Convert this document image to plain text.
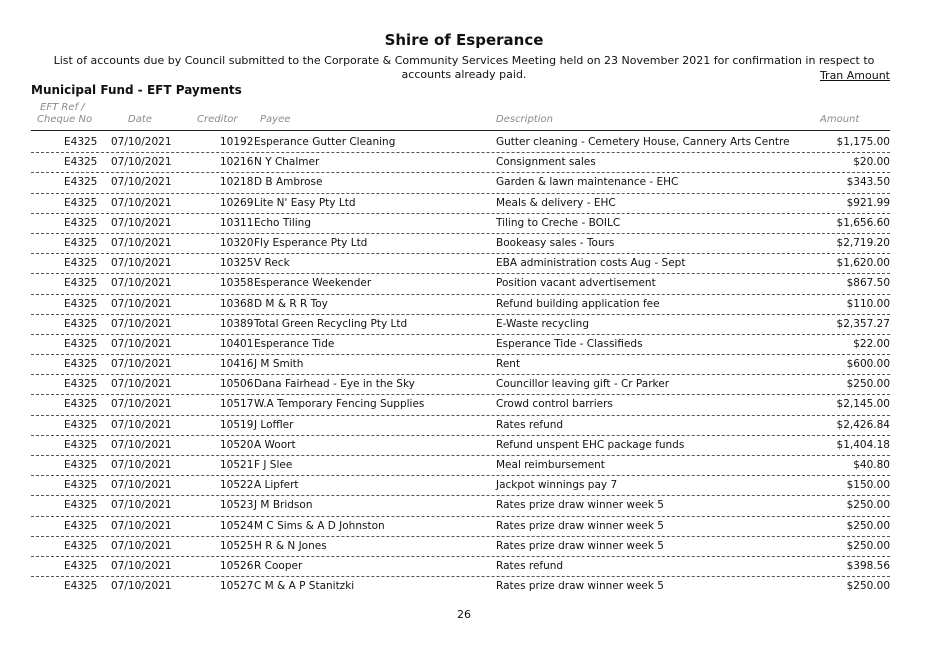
Shire of Esperance
List of accounts due by Council submitted to the Corporate & Community Services Meeting held on 23 November 2021 for confirmation in respect to accounts already paid.	Tran Amount
Municipal Fund - EFT Payments
EFT Ref /
Cheque No	Date	Creditor Payee	Description	Amount
E4325 07/10/2021	10192 Esperance Gutter Cleaning	Gutter cleaning - Cemetery House, Cannery Arts Centre	$1,175.00
E4325 07/10/2021	10216 N Y Chalmer	Consignment sales	$20.00
E4325 07/10/2021	10218 D B Ambrose	Garden & lawn maintenance - EHC	$343.50
E4325 07/10/2021	10269 Lite N' Easy Pty Ltd	Meals & delivery - EHC	$921.99
E4325 07/10/2021	10311 Echo Tiling	Tiling to Creche - BOILC	$1,656.60
E4325 07/10/2021	10320 Fly Esperance Pty Ltd	Bookeasy sales - Tours	$2,719.20
E4325 07/10/2021	10325 V Reck	EBA administration costs Aug - Sept	$1,620.00
E4325 07/10/2021	10358 Esperance Weekender	Position vacant advertisement	$867.50
E4325 07/10/2021	10368 D M & R R Toy	Refund building application fee	$110.00
E4325 07/10/2021	10389 Total Green Recycling Pty Ltd	E-Waste recycling	$2,357.27
E4325 07/10/2021	10401 Esperance Tide	Esperance Tide - Classifieds	$22.00
E4325 07/10/2021	10416 J M Smith	Rent	$600.00
E4325 07/10/2021	10506 Dana Fairhead - Eye in the Sky	Councillor leaving gift - Cr Parker	$250.00
E4325 07/10/2021	10517 W.A Temporary Fencing Supplies	Crowd control barriers	$2,145.00
E4325 07/10/2021	10519 J Loffler	Rates refund	$2,426.84
E4325 07/10/2021	10520 A Woort	Refund unspent EHC package funds	$1,404.18
E4325 07/10/2021	10521 F J Slee	Meal reimbursement	$40.80
E4325 07/10/2021	10522 A Lipfert	Jackpot winnings pay 7	$150.00
E4325 07/10/2021	10523 J M Bridson	Rates prize draw winner week 5	$250.00
E4325 07/10/2021	10524 M C Sims & A D Johnston	Rates prize draw winner week 5	$250.00
E4325 07/10/2021	10525 H R & N Jones	Rates prize draw winner week 5	$250.00
E4325 07/10/2021	10526 R Cooper	Rates refund	$398.56
E4325 07/10/2021	10527 C M & A P Stanitzki	Rates prize draw winner week 5	$250.00
26
